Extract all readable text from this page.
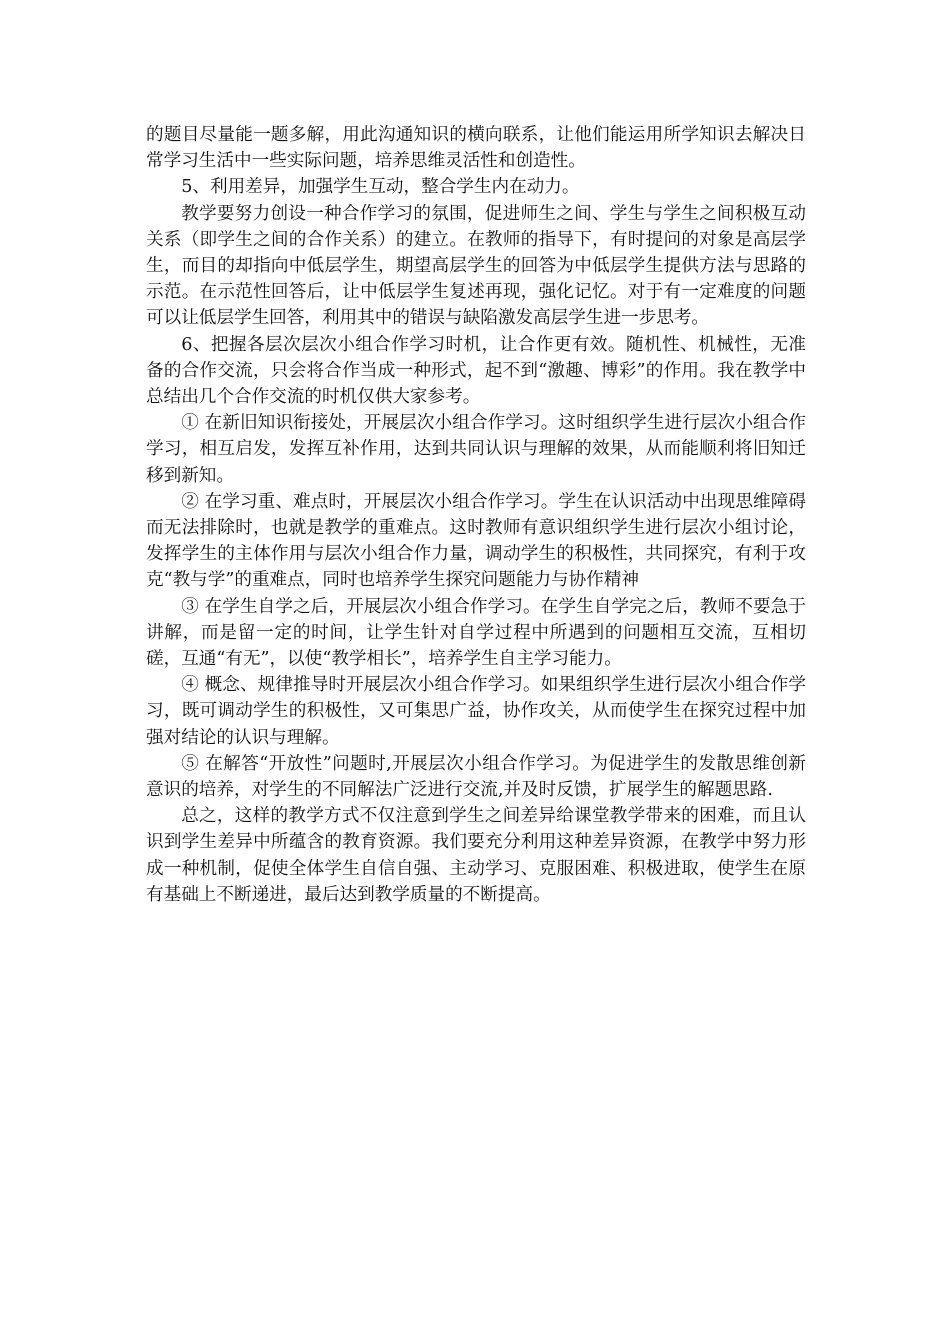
的题目尽量能一题多解，用此沟通知识的横向联系，让他们能运用所学知识去解决日常学习生活中一些实际问题，培养思维灵活性和创造性。

5、利用差异，加强学生互动，整合学生内在动力。

教学要努力创设一种合作学习的氛围，促进师生之间、学生与学生之间积极互动关系（即学生之间的合作关系）的建立。在教师的指导下，有时提问的对象是高层学生，而目的却指向中低层学生，期望高层学生的回答为中低层学生提供方法与思路的示范。在示范性回答后，让中低层学生复述再现，强化记忆。对于有一定难度的问题可以让低层学生回答，利用其中的错误与缺陷激发高层学生进一步思考。

6、把握各层次层次小组合作学习时机，让合作更有效。随机性、机械性，无准备的合作交流，只会将合作当成一种形式，起不到“激趣、博彩”的作用。我在教学中总结出几个合作交流的时机仅供大家参考。

① 在新旧知识衔接处，开展层次小组合作学习。这时组织学生进行层次小组合作学习，相互启发，发挥互补作用，达到共同认识与理解的效果，从而能顺利将旧知迁移到新知。

② 在学习重、难点时，开展层次小组合作学习。学生在认识活动中出现思维障碍而无法排除时，也就是教学的重难点。这时教师有意识组织学生进行层次小组讨论，发挥学生的主体作用与层次小组合作力量，调动学生的积极性，共同探究，有利于攻克“教与学”的重难点，同时也培养学生探究问题能力与协作精神

③ 在学生自学之后，开展层次小组合作学习。在学生自学完之后，教师不要急于讲解，而是留一定的时间，让学生针对自学过程中所遇到的问题相互交流，互相切磋，互通“有无”，以使“教学相长”，培养学生自主学习能力。

④ 概念、规律推导时开展层次小组合作学习。如果组织学生进行层次小组合作学习，既可调动学生的积极性，又可集思广益，协作攻关，从而使学生在探究过程中加强对结论的认识与理解。

⑤ 在解答“开放性”问题时,开展层次小组合作学习。为促进学生的发散思维创新意识的培养，对学生的不同解法广泛进行交流,并及时反馈，扩展学生的解题思路.

总之，这样的教学方式不仅注意到学生之间差异给课堂教学带来的困难，而且认识到学生差异中所蕴含的教育资源。我们要充分利用这种差异资源，在教学中努力形成一种机制，促使全体学生自信自强、主动学习、克服困难、积极进取，使学生在原有基础上不断递进，最后达到教学质量的不断提高。
